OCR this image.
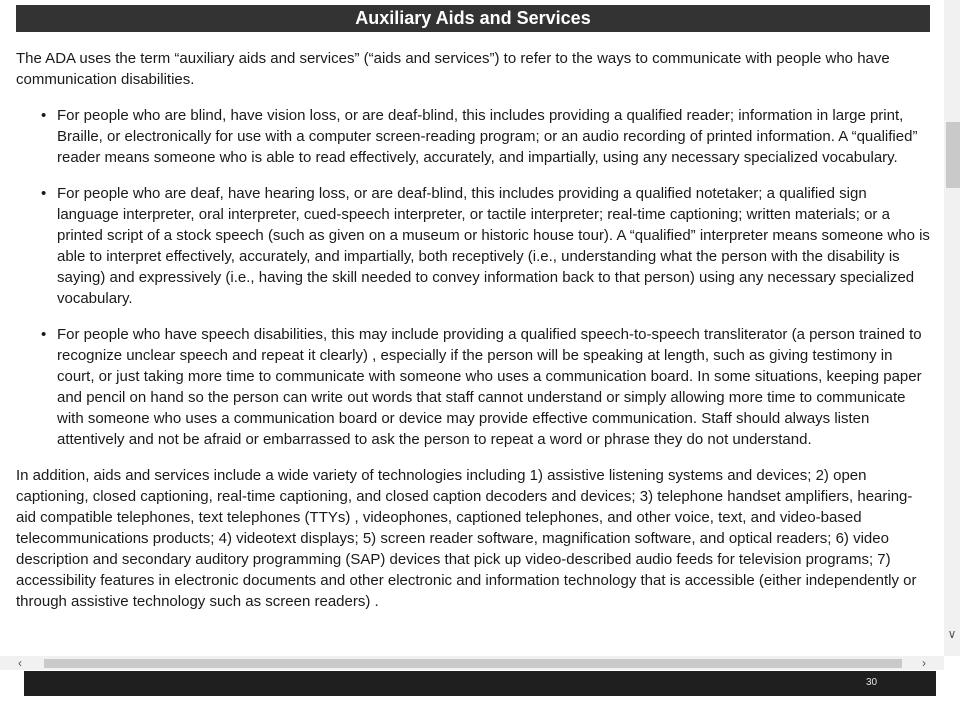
Auxiliary Aids and Services

The ADA uses the term “auxiliary aids and services” (“aids and services”) to refer to the ways to communicate with people who have communication disabilities.

• For people who are blind, have vision loss, or are deaf-blind, this includes providing a qualified reader; information in large print, Braille, or electronically for use with a computer screen-reading program; or an audio recording of printed information. A “qualified” reader means someone who is able to read effectively, accurately, and impartially, using any necessary specialized vocabulary.
• For people who are deaf, have hearing loss, or are deaf-blind, this includes providing a qualified notetaker; a qualified sign language interpreter, oral interpreter, cued-speech interpreter, or tactile interpreter; real-time captioning; written materials; or a printed script of a stock speech (such as given on a museum or historic house tour). A “qualified” interpreter means someone who is able to interpret effectively, accurately, and impartially, both receptively (i.e., understanding what the person with the disability is saying) and expressively (i.e., having the skill needed to convey information back to that person) using any necessary specialized vocabulary.
• For people who have speech disabilities, this may include providing a qualified speech-to-speech transliterator (a person trained to recognize unclear speech and repeat it clearly) , especially if the person will be speaking at length, such as giving testimony in court, or just taking more time to communicate with someone who uses a communication board. In some situations, keeping paper and pencil on hand so the person can write out words that staff cannot understand or simply allowing more time to communicate with someone who uses a communication board or device may provide effective communication. Staff should always listen attentively and not be afraid or embarrassed to ask the person to repeat a word or phrase they do not understand.

In addition, aids and services include a wide variety of technologies including 1) assistive listening systems and devices; 2) open captioning, closed captioning, real-time captioning, and closed caption decoders and devices; 3) telephone handset amplifiers, hearing-aid compatible telephones, text telephones (TTYs) , videophones, captioned telephones, and other voice, text, and video-based telecommunications products; 4) videotext displays; 5) screen reader software, magnification software, and optical readers; 6) video description and secondary auditory programming (SAP) devices that pick up video-described audio feeds for television programs; 7) accessibility features in electronic documents and other electronic and information technology that is accessible (either independently or through assistive technology such as screen readers) .

∨
‹	›
30
